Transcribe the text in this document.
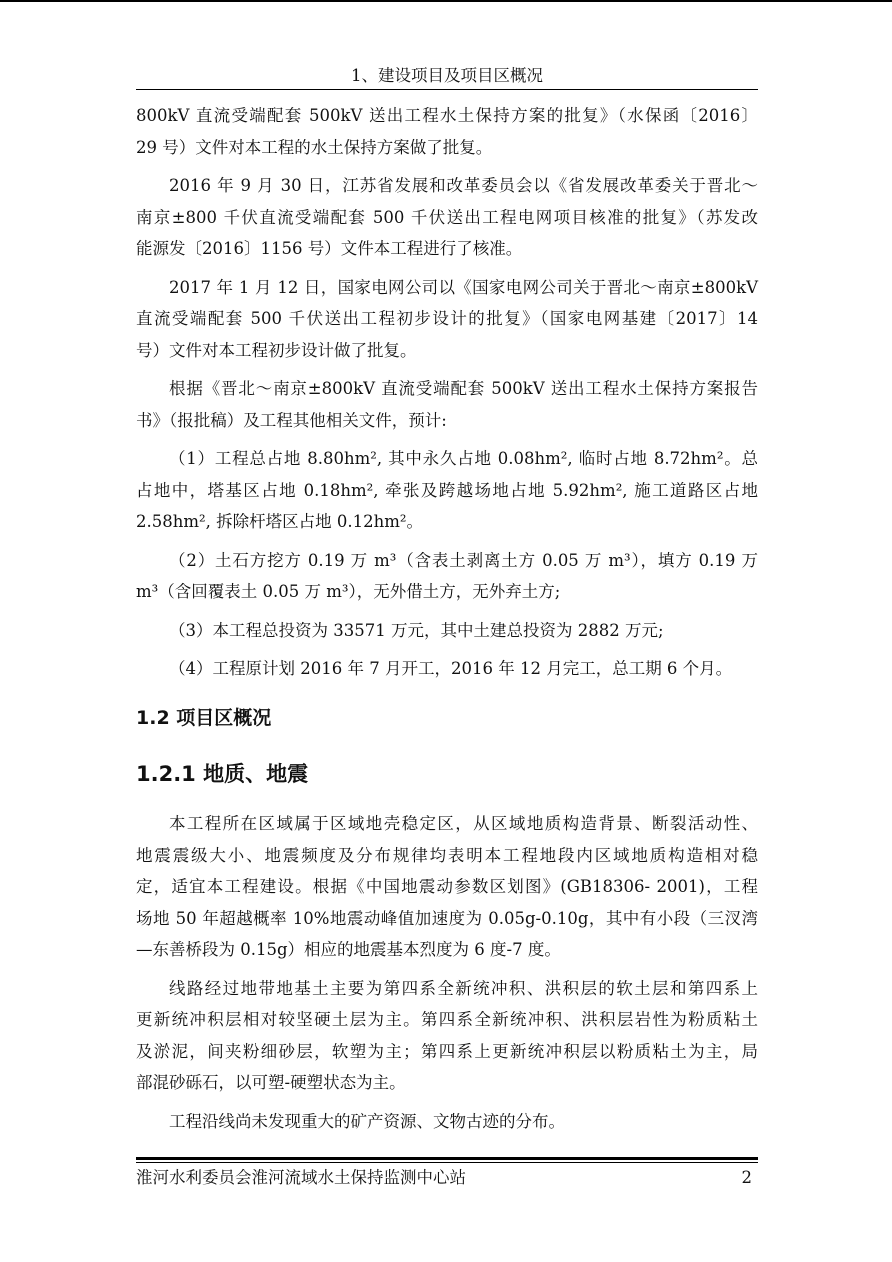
1、建设项目及项目区概况

800kV 直流受端配套 500kV 送出工程水土保持方案的批复》（水保函〔2016〕
29 号）文件对本工程的水土保持方案做了批复。

2016 年 9 月 30 日，江苏省发展和改革委员会以《省发展改革委关于晋北～
南京±800 千伏直流受端配套 500 千伏送出工程电网项目核准的批复》（苏发改
能源发〔2016〕1156 号）文件本工程进行了核准。

2017 年 1 月 12 日，国家电网公司以《国家电网公司关于晋北～南京±800kV
直流受端配套 500 千伏送出工程初步设计的批复》（国家电网基建〔2017〕14
号）文件对本工程初步设计做了批复。

根据《晋北～南京±800kV 直流受端配套 500kV 送出工程水土保持方案报告
书》（报批稿）及工程其他相关文件，预计:

（1）工程总占地 8.80hm², 其中永久占地 0.08hm², 临时占地 8.72hm²。总
占地中，塔基区占地 0.18hm², 牵张及跨越场地占地 5.92hm², 施工道路区占地
2.58hm², 拆除杆塔区占地 0.12hm²。

（2）土石方挖方 0.19 万 m³（含表土剥离土方 0.05 万 m³），填方 0.19 万
m³（含回覆表土 0.05 万 m³），无外借土方，无外弃土方;

（3）本工程总投资为 33571 万元，其中土建总投资为 2882 万元;

（4）工程原计划 2016 年 7 月开工，2016 年 12 月完工，总工期 6 个月。

1.2 项目区概况
1.2.1 地质、地震

本工程所在区域属于区域地壳稳定区，从区域地质构造背景、断裂活动性、
地震震级大小、地震频度及分布规律均表明本工程地段内区域地质构造相对稳
定，适宜本工程建设。根据《中国地震动参数区划图》(GB18306- 2001)，工程
场地 50 年超越概率 10%地震动峰值加速度为 0.05g-0.10g，其中有小段（三汊湾
—东善桥段为 0.15g）相应的地震基本烈度为 6 度-7 度。

线路经过地带地基土主要为第四系全新统冲积、洪积层的软土层和第四系上
更新统冲积层相对较坚硬土层为主。第四系全新统冲积、洪积层岩性为粉质粘土
及淤泥，间夹粉细砂层，软塑为主；第四系上更新统冲积层以粉质粘土为主，局
部混砂砾石，以可塑-硬塑状态为主。

工程沿线尚未发现重大的矿产资源、文物古迹的分布。

淮河水利委员会淮河流域水土保持监测中心站	2
